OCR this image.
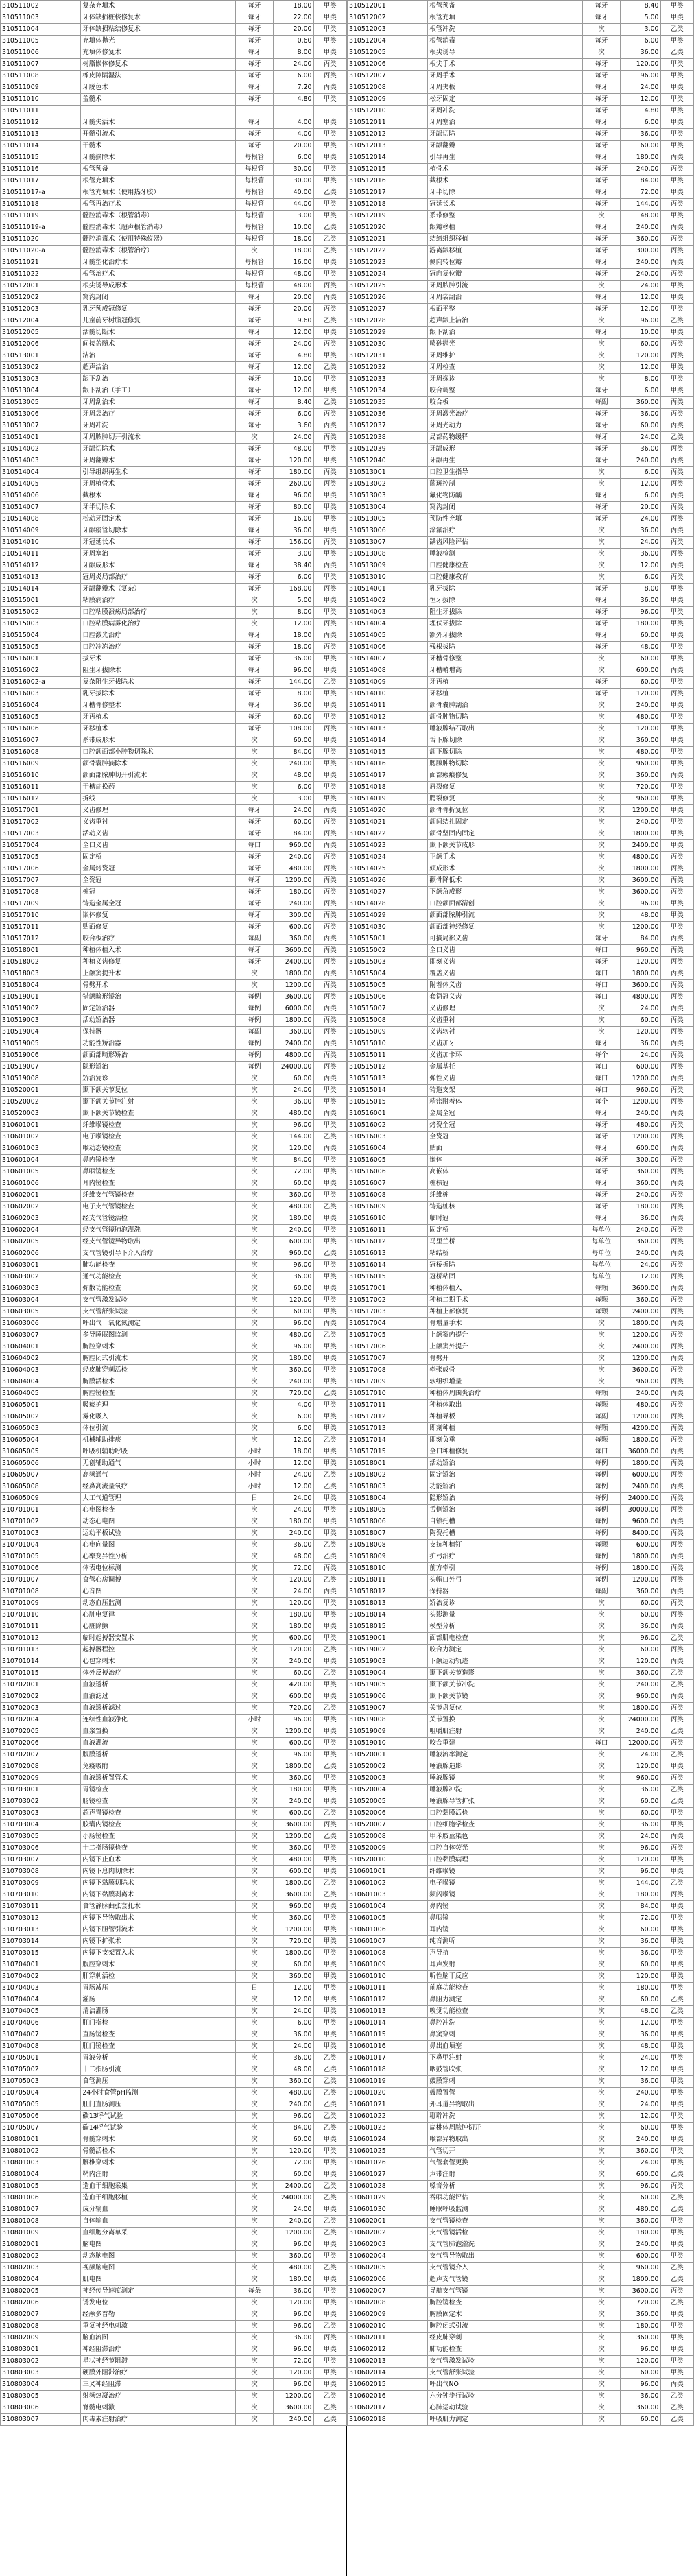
310511002	复杂充填术	每牙	18.00	甲类
310511003	牙体缺损桩核修复术	每牙	22.00	甲类
310511004	牙体缺损粘结修复术	每牙	20.00	甲类
310511005	充填体抛光	每牙	0.60	甲类
310511006	充填体修复术	每牙	8.00	甲类
310511007	树脂嵌体修复术	每牙	24.00	丙类
310511008	橡皮障隔湿法	每牙	6.00	丙类
310511009	牙脱色术	每牙	7.20	丙类
310511010	盖髓术	每牙	4.80	甲类
310511011				
310511012	牙髓失活术	每牙	4.00	甲类
310511013	开髓引流术	每牙	4.00	甲类
310511014	干髓术	每牙	20.00	甲类
310511015	牙髓摘除术	每根管	6.00	甲类
310511016	根管预备	每根管	30.00	甲类
310511017	根管充填术	每根管	30.00	甲类
310511017-a	根管充填术（使用热牙胶）	每根管	40.00	乙类
310511018	根管再治疗术	每根管	44.00	甲类
310511019	髓腔消毒术（根管消毒）	每根管	3.00	甲类
310511019-a	髓腔消毒术（超声根管消毒）	每根管	10.00	乙类
310511020	髓腔消毒术（使用特殊仪器）	每根管	18.00	乙类
310511020-a	髓腔消毒术（根管治疗）	次	18.00	乙类
310511021	牙髓塑化治疗术	每根管	16.00	甲类
310511022	根管治疗术	每根管	48.00	甲类
310512001	根尖诱导成形术	每根管	48.00	丙类
310512002	窝沟封闭	每牙	20.00	丙类
310512003	乳牙预成冠修复	每牙	20.00	丙类
310512004	儿童前牙树脂冠修复	每牙	9.60	乙类
310512005	活髓切断术	每牙	12.00	甲类
310512006	间接盖髓术	每牙	24.00	丙类
310513001	洁治	每牙	4.80	甲类
310513002	超声洁治	每牙	12.00	乙类
310513003	龈下刮治	每牙	10.00	甲类
310513004	龈下刮治（手工）	每牙	12.00	甲类
310513005	牙周刮治术	每牙	8.40	乙类
310513006	牙周袋治疗	每牙	6.00	丙类
310513007	牙周冲洗	每牙	3.60	丙类
310514001	牙周脓肿切开引流术	次	24.00	丙类
310514002	牙龈切除术	每牙	48.00	甲类
310514003	牙周翻瓣术	每牙	120.00	甲类
310514004	引导组织再生术	每牙	180.00	丙类
310514005	牙周植骨术	每牙	260.00	丙类
310514006	截根术	每牙	96.00	甲类
310514007	牙半切除术	每牙	80.00	甲类
310514008	松动牙固定术	每牙	16.00	甲类
310514009	牙龈瘘管切除术	每牙	36.00	甲类
310514010	牙冠延长术	每牙	156.00	丙类
310514011	牙周塞治	每牙	3.00	甲类
310514012	牙龈成形术	每牙	38.40	丙类
310514013	冠周炎局部治疗	每牙	6.00	甲类
310514014	牙龈翻瓣术（复杂）	每牙	168.00	丙类
310515001	粘膜病治疗	次	5.00	甲类
310515002	口腔粘膜溃疡局部治疗	次	8.00	甲类
310515003	口腔粘膜病雾化治疗	次	12.00	丙类
310515004	口腔激光治疗	每牙	18.00	丙类
310515005	口腔冷冻治疗	每牙	18.00	丙类
310516001	拔牙术	每牙	36.00	甲类
310516002	阻生牙拔除术	每牙	96.00	甲类
310516002-a	复杂阻生牙拔除术	每牙	144.00	乙类
310516003	乳牙拔除术	每牙	8.00	甲类
310516004	牙槽骨修整术	每牙	36.00	甲类
310516005	牙再植术	每牙	60.00	甲类
310516006	牙移植术	每牙	108.00	丙类
310516007	系带成形术	次	60.00	甲类
310516008	口腔颌面部小肿物切除术	次	84.00	甲类
310516009	颌骨囊肿摘除术	次	240.00	甲类
310516010	颌面部脓肿切开引流术	次	48.00	甲类
310516011	干槽症换药	次	6.00	甲类
310516012	拆线	次	3.00	甲类
310517001	义齿修理	每牙	24.00	丙类
310517002	义齿重衬	每牙	60.00	丙类
310517003	活动义齿	每牙	84.00	丙类
310517004	全口义齿	每口	960.00	丙类
310517005	固定桥	每牙	240.00	丙类
310517006	金属烤瓷冠	每牙	480.00	丙类
310517007	全瓷冠	每牙	1200.00	丙类
310517008	桩冠	每牙	180.00	丙类
310517009	铸造金属全冠	每牙	240.00	丙类
310517010	嵌体修复	每牙	300.00	丙类
310517011	贴面修复	每牙	600.00	丙类
310517012	咬合板治疗	每副	360.00	丙类
310518001	种植体植入术	每牙	3600.00	丙类
310518002	种植义齿修复	每牙	2400.00	丙类
310518003	上颌窦提升术	次	1800.00	丙类
310518004	骨劈开术	次	1200.00	丙类
310519001	错颌畸形矫治	每例	3600.00	丙类
310519002	固定矫治器	每例	6000.00	丙类
310519003	活动矫治器	每例	1800.00	丙类
310519004	保持器	每副	360.00	丙类
310519005	功能性矫治器	每例	2400.00	丙类
310519006	颌面部畸形矫治	每例	4800.00	丙类
310519007	隐形矫治	每例	24000.00	丙类
310519008	矫治复诊	次	60.00	丙类
310520001	颞下颌关节复位	次	24.00	甲类
310520002	颞下颌关节腔注射	次	36.00	甲类
310520003	颞下颌关节镜检查	次	480.00	丙类
310601001	纤维喉镜检查	次	96.00	甲类
310601002	电子喉镜检查	次	144.00	乙类
310601003	喉动态镜检查	次	120.00	丙类
310601004	鼻内镜检查	次	84.00	甲类
310601005	鼻咽镜检查	次	72.00	甲类
310601006	耳内镜检查	次	60.00	甲类
310602001	纤维支气管镜检查	次	360.00	甲类
310602002	电子支气管镜检查	次	480.00	乙类
310602003	经支气管镜活检	次	180.00	甲类
310602004	经支气管镜肺泡灌洗	次	240.00	甲类
310602005	经支气管镜异物取出	次	600.00	甲类
310602006	支气管镜引导下介入治疗	次	960.00	乙类
310603001	肺功能检查	次	96.00	甲类
310603002	通气功能检查	次	36.00	甲类
310603003	弥散功能检查	次	60.00	甲类
310603004	支气管激发试验	次	120.00	甲类
310603005	支气管舒张试验	次	60.00	甲类
310603006	呼出气一氧化氮测定	次	96.00	丙类
310603007	多导睡眠图监测	次	480.00	乙类
310604001	胸腔穿刺术	次	96.00	甲类
310604002	胸腔闭式引流术	次	180.00	甲类
310604003	经皮肺穿刺活检	次	360.00	甲类
310604004	胸膜活检术	次	240.00	甲类
310604005	胸腔镜检查	次	720.00	乙类
310605001	吸痰护理	次	4.00	甲类
310605002	雾化吸入	次	6.00	甲类
310605003	体位引流	次	6.00	甲类
310605004	机械辅助排痰	次	12.00	乙类
310605005	呼吸机辅助呼吸	小时	18.00	甲类
310605006	无创辅助通气	小时	12.00	甲类
310605007	高频通气	小时	24.00	乙类
310605008	经鼻高流量氧疗	小时	12.00	乙类
310605009	人工气道管理	日	24.00	甲类
310701001	心电图检查	次	24.00	甲类
310701002	动态心电图	次	180.00	甲类
310701003	运动平板试验	次	240.00	甲类
310701004	心电向量图	次	36.00	乙类
310701005	心率变异性分析	次	48.00	乙类
310701006	体表电位标测	次	72.00	丙类
310701007	食管心房调搏	次	120.00	乙类
310701008	心音图	次	24.00	丙类
310701009	动态血压监测	次	120.00	甲类
310701010	心脏电复律	次	180.00	甲类
310701011	心脏除颤	次	180.00	甲类
310701012	临时起搏器安置术	次	600.00	甲类
310701013	起搏器程控	次	120.00	乙类
310701014	心包穿刺术	次	240.00	甲类
310701015	体外反搏治疗	次	60.00	乙类
310702001	血液透析	次	420.00	甲类
310702002	血液滤过	次	600.00	甲类
310702003	血液透析滤过	次	720.00	乙类
310702004	连续性血液净化	小时	96.00	甲类
310702005	血浆置换	次	1200.00	甲类
310702006	血液灌流	次	600.00	甲类
310702007	腹膜透析	次	96.00	甲类
310702008	免疫吸附	次	1800.00	乙类
310702009	血液透析置管术	次	360.00	甲类
310703001	胃镜检查	次	180.00	甲类
310703002	肠镜检查	次	240.00	甲类
310703003	超声胃镜检查	次	600.00	乙类
310703004	胶囊内镜检查	次	3600.00	丙类
310703005	小肠镜检查	次	1200.00	乙类
310703006	十二指肠镜检查	次	360.00	甲类
310703007	内镜下止血术	次	480.00	甲类
310703008	内镜下息肉切除术	次	600.00	甲类
310703009	内镜下黏膜切除术	次	1800.00	乙类
310703010	内镜下黏膜剥离术	次	3600.00	乙类
310703011	食管静脉曲张套扎术	次	960.00	甲类
310703012	内镜下异物取出术	次	360.00	甲类
310703013	内镜下胆管引流术	次	1200.00	甲类
310703014	内镜下扩张术	次	720.00	甲类
310703015	内镜下支架置入术	次	1800.00	甲类
310704001	腹腔穿刺术	次	60.00	甲类
310704002	肝穿刺活检	次	360.00	甲类
310704003	胃肠减压	日	12.00	甲类
310704004	灌肠	次	12.00	甲类
310704005	清洁灌肠	次	24.00	甲类
310704006	肛门指检	次	6.00	甲类
310704007	直肠镜检查	次	36.00	甲类
310704008	肛门镜检查	次	24.00	甲类
310705001	胃液分析	次	36.00	乙类
310705002	十二指肠引流	次	48.00	乙类
310705003	食管测压	次	360.00	乙类
310705004	24小时食管pH监测	次	480.00	乙类
310705005	肛门直肠测压	次	240.00	乙类
310705006	碳13呼气试验	次	96.00	乙类
310705007	碳14呼气试验	次	84.00	乙类
310801001	骨髓穿刺术	次	60.00	甲类
310801002	骨髓活检术	次	120.00	甲类
310801003	腰椎穿刺术	次	72.00	甲类
310801004	鞘内注射	次	60.00	甲类
310801005	造血干细胞采集	次	2400.00	乙类
310801006	造血干细胞移植	次	24000.00	乙类
310801007	成分输血	次	24.00	甲类
310801008	自体输血	次	240.00	乙类
310801009	血细胞分离单采	次	1200.00	乙类
310802001	脑电图	次	96.00	甲类
310802002	动态脑电图	次	360.00	甲类
310802003	视频脑电图	次	480.00	乙类
310802004	肌电图	次	180.00	甲类
310802005	神经传导速度测定	每条	36.00	甲类
310802006	诱发电位	次	120.00	甲类
310802007	经颅多普勒	次	96.00	甲类
310802008	重复神经电刺激	次	96.00	乙类
310802009	脑血流图	次	36.00	丙类
310803001	神经阻滞治疗	次	96.00	甲类
310803002	星状神经节阻滞	次	72.00	甲类
310803003	硬膜外阻滞治疗	次	120.00	甲类
310803004	三叉神经阻滞	次	96.00	甲类
310803005	射频热凝治疗	次	1200.00	乙类
310803006	脊髓电刺激	次	3600.00	乙类
310803007	肉毒素注射治疗	次	240.00	乙类
310512001	根管预备	每牙	8.40	甲类
310512002	根管充填	每牙	5.00	甲类
310512003	根管冲洗	次	3.00	乙类
310512004	根管消毒	每牙	6.00	甲类
310512005	根尖诱导	次	36.00	乙类
310512006	根尖手术	每牙	120.00	甲类
310512007	牙周手术	每牙	96.00	甲类
310512008	牙周夹板	每牙	24.00	甲类
310512009	松牙固定	每牙	12.00	甲类
310512010	牙周冲洗	每牙	4.80	甲类
310512011	牙周塞治	每牙	6.00	甲类
310512012	牙龈切除	每牙	36.00	甲类
310512013	牙龈翻瓣	每牙	60.00	甲类
310512014	引导再生	每牙	180.00	丙类
310512015	植骨术	每牙	240.00	丙类
310512016	截根术	每牙	84.00	甲类
310512017	牙半切除	每牙	72.00	甲类
310512018	冠延长术	每牙	144.00	丙类
310512019	系带修整	次	48.00	甲类
310512020	龈瓣移植	每牙	240.00	丙类
310512021	结缔组织移植	每牙	360.00	丙类
310512022	游离龈移植	每牙	300.00	丙类
310512023	侧向转位瓣	每牙	240.00	丙类
310512024	冠向复位瓣	每牙	240.00	丙类
310512025	牙周脓肿引流	次	24.00	甲类
310512026	牙周袋刮治	每牙	12.00	甲类
310512027	根面平整	每牙	12.00	甲类
310512028	超声龈上洁治	次	96.00	乙类
310512029	龈下刮治	每牙	10.00	甲类
310512030	喷砂抛光	次	60.00	丙类
310512031	牙周维护	次	120.00	丙类
310512032	牙周检查	次	12.00	甲类
310512033	牙周探诊	次	8.00	甲类
310512034	咬合调整	每牙	6.00	甲类
310512035	咬合板	每副	360.00	丙类
310512036	牙周激光治疗	每牙	36.00	丙类
310512037	牙周光动力	每牙	60.00	丙类
310512038	局部药物缓释	每牙	24.00	乙类
310512039	牙龈成形	每牙	36.00	丙类
310512040	牙龈再生	每牙	240.00	丙类
310513001	口腔卫生指导	次	6.00	丙类
310513002	菌斑控制	次	12.00	丙类
310513003	氟化物防龋	每牙	6.00	丙类
310513004	窝沟封闭	每牙	20.00	丙类
310513005	预防性充填	每牙	24.00	丙类
310513006	涂氟治疗	次	36.00	丙类
310513007	龋齿风险评估	次	24.00	丙类
310513008	唾液检测	次	36.00	丙类
310513009	口腔健康检查	次	12.00	丙类
310513010	口腔健康教育	次	6.00	丙类
310514001	乳牙拔除	每牙	8.00	甲类
310514002	恒牙拔除	每牙	36.00	甲类
310514003	阻生牙拔除	每牙	96.00	甲类
310514004	埋伏牙拔除	每牙	180.00	甲类
310514005	额外牙拔除	每牙	60.00	甲类
310514006	残根拔除	每牙	48.00	甲类
310514007	牙槽骨修整	次	60.00	甲类
310514008	牙槽嵴增高	次	600.00	丙类
310514009	牙再植	每牙	60.00	甲类
310514010	牙移植	每牙	120.00	丙类
310514011	颌骨囊肿刮治	次	240.00	甲类
310514012	颌骨肿物切除	次	480.00	甲类
310514013	唾液腺结石取出	次	120.00	甲类
310514014	舌下腺切除	次	360.00	甲类
310514015	颌下腺切除	次	480.00	甲类
310514016	腮腺肿物切除	次	960.00	甲类
310514017	面部瘢痕修复	次	360.00	丙类
310514018	唇裂修复	次	720.00	甲类
310514019	腭裂修复	次	960.00	甲类
310514020	颌骨骨折复位	次	1200.00	甲类
310514021	颌间结扎固定	次	240.00	甲类
310514022	颌骨坚固内固定	次	1800.00	甲类
310514023	颞下颌关节成形	次	2400.00	甲类
310514024	正颌手术	次	4800.00	丙类
310514025	颏成形术	次	1800.00	丙类
310514026	颧骨降低术	次	3600.00	丙类
310514027	下颌角成形	次	3600.00	丙类
310514028	口腔颌面部清创	次	96.00	甲类
310514029	颌面部脓肿引流	次	48.00	甲类
310514030	颌面部神经修复	次	1200.00	甲类
310515001	可摘局部义齿	每牙	84.00	丙类
310515002	全口义齿	每口	960.00	丙类
310515003	即刻义齿	每牙	120.00	丙类
310515004	覆盖义齿	每口	1800.00	丙类
310515005	附着体义齿	每口	3600.00	丙类
310515006	套筒冠义齿	每口	4800.00	丙类
310515007	义齿修理	次	24.00	丙类
310515008	义齿重衬	次	60.00	丙类
310515009	义齿软衬	次	120.00	丙类
310515010	义齿加牙	每牙	36.00	丙类
310515011	义齿加卡环	每个	24.00	丙类
310515012	金属基托	每口	600.00	丙类
310515013	弹性义齿	每口	1200.00	丙类
310515014	铸造支架	每口	960.00	丙类
310515015	精密附着体	每个	1200.00	丙类
310516001	金属全冠	每牙	240.00	丙类
310516002	烤瓷全冠	每牙	480.00	丙类
310516003	全瓷冠	每牙	1200.00	丙类
310516004	贴面	每牙	600.00	丙类
310516005	嵌体	每牙	300.00	丙类
310516006	高嵌体	每牙	360.00	丙类
310516007	桩核冠	每牙	360.00	丙类
310516008	纤维桩	每牙	240.00	丙类
310516009	铸造桩核	每牙	180.00	丙类
310516010	临时冠	每牙	36.00	丙类
310516011	固定桥	每单位	240.00	丙类
310516012	马里兰桥	每单位	360.00	丙类
310516013	粘结桥	每单位	240.00	丙类
310516014	冠桥拆除	每单位	24.00	丙类
310516015	冠桥粘固	每单位	12.00	丙类
310517001	种植体植入	每颗	3600.00	丙类
310517002	种植二期手术	每颗	360.00	丙类
310517003	种植上部修复	每颗	2400.00	丙类
310517004	骨增量手术	次	1800.00	丙类
310517005	上颌窦内提升	次	1200.00	丙类
310517006	上颌窦外提升	次	2400.00	丙类
310517007	骨劈开	次	1200.00	丙类
310517008	牵张成骨	次	3600.00	丙类
310517009	软组织增量	次	960.00	丙类
310517010	种植体周围炎治疗	每颗	240.00	丙类
310517011	种植体取出	每颗	480.00	丙类
310517012	种植导板	每副	1200.00	丙类
310517013	即刻种植	每颗	4200.00	丙类
310517014	即刻负重	每颗	1800.00	丙类
310517015	全口种植修复	每口	36000.00	丙类
310518001	活动矫治	每例	1800.00	丙类
310518002	固定矫治	每例	6000.00	丙类
310518003	功能矫治	每例	2400.00	丙类
310518004	隐形矫治	每例	24000.00	丙类
310518005	舌侧矫治	每例	30000.00	丙类
310518006	自锁托槽	每例	9600.00	丙类
310518007	陶瓷托槽	每例	8400.00	丙类
310518008	支抗种植钉	每颗	600.00	丙类
310518009	扩弓治疗	每例	1800.00	丙类
310518010	前方牵引	每例	1800.00	丙类
310518011	头帽口外弓	每例	1200.00	丙类
310518012	保持器	每副	360.00	丙类
310518013	矫治复诊	次	60.00	丙类
310518014	头影测量	次	60.00	丙类
310518015	模型分析	次	36.00	丙类
310519001	面部肌电检查	次	96.00	乙类
310519002	咬合力测定	次	60.00	丙类
310519003	下颌运动轨迹	次	120.00	丙类
310519004	颞下颌关节造影	次	360.00	乙类
310519005	颞下颌关节冲洗	次	240.00	乙类
310519006	颞下颌关节镜	次	960.00	丙类
310519007	关节盘复位	次	1800.00	丙类
310519008	关节置换	次	24000.00	丙类
310519009	咀嚼肌注射	次	240.00	乙类
310519010	咬合重建	每口	12000.00	丙类
310520001	唾液流率测定	次	24.00	乙类
310520002	唾液腺造影	次	120.00	甲类
310520003	唾液腺镜	次	960.00	丙类
310520004	唾液腺冲洗	次	36.00	乙类
310520005	唾液腺导管扩张	次	60.00	乙类
310520006	口腔黏膜活检	次	60.00	甲类
310520007	口腔细胞学检查	次	36.00	甲类
310520008	甲苯胺蓝染色	次	24.00	丙类
310520009	口腔自体荧光	次	96.00	丙类
310520010	口腔黏膜病理	次	120.00	甲类
310601001	纤维喉镜	次	96.00	甲类
310601002	电子喉镜	次	144.00	乙类
310601003	频闪喉镜	次	180.00	丙类
310601004	鼻内镜	次	84.00	甲类
310601005	鼻咽镜	次	72.00	甲类
310601006	耳内镜	次	60.00	甲类
310601007	纯音测听	次	36.00	甲类
310601008	声导抗	次	36.00	甲类
310601009	耳声发射	次	60.00	甲类
310601010	听性脑干反应	次	120.00	甲类
310601011	前庭功能检查	次	180.00	甲类
310601012	鼻阻力测定	次	60.00	乙类
310601013	嗅觉功能检查	次	48.00	乙类
310601014	鼻腔冲洗	次	12.00	甲类
310601015	鼻窦穿刺	次	36.00	甲类
310601016	鼻出血填塞	次	48.00	甲类
310601017	下鼻甲注射	次	24.00	甲类
310601018	咽鼓管吹张	次	12.00	甲类
310601019	鼓膜穿刺	次	36.00	甲类
310601020	鼓膜置管	次	240.00	甲类
310601021	外耳道异物取出	次	24.00	甲类
310601022	耵聍冲洗	次	12.00	甲类
310601023	扁桃体周脓肿切开	次	60.00	甲类
310601024	喉部异物取出	次	240.00	甲类
310601025	气管切开	次	360.00	甲类
310601026	气管套管更换	次	24.00	甲类
310601027	声带注射	次	600.00	乙类
310601028	嗓音分析	次	96.00	丙类
310601029	吞咽功能评估	次	60.00	乙类
310601030	睡眠呼吸监测	次	480.00	乙类
310602001	支气管镜检查	次	360.00	甲类
310602002	支气管镜活检	次	180.00	甲类
310602003	支气管肺泡灌洗	次	240.00	甲类
310602004	支气管异物取出	次	600.00	甲类
310602005	支气管镜介入	次	960.00	乙类
310602006	超声支气管镜	次	1800.00	乙类
310602007	导航支气管镜	次	3600.00	丙类
310602008	胸腔镜检查	次	720.00	乙类
310602009	胸膜固定术	次	360.00	甲类
310602010	胸腔闭式引流	次	180.00	甲类
310602011	经皮肺穿刺	次	360.00	甲类
310602012	肺功能检查	次	96.00	甲类
310602013	支气管激发试验	次	120.00	甲类
310602014	支气管舒张试验	次	60.00	甲类
310602015	呼出气NO	次	96.00	丙类
310602016	六分钟步行试验	次	36.00	乙类
310602017	心肺运动试验	次	360.00	乙类
310602018	呼吸肌力测定	次	60.00	乙类
